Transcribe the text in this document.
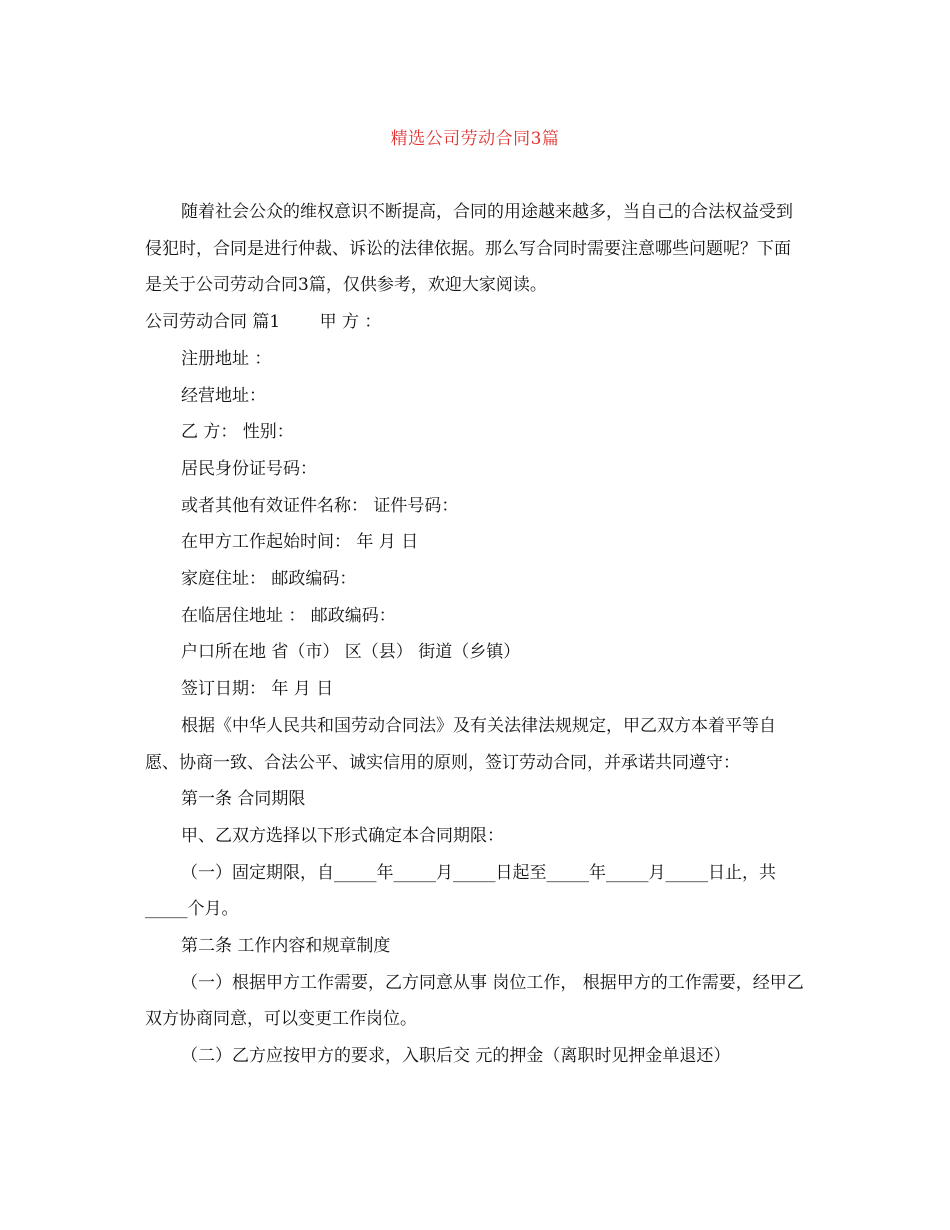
精选公司劳动合同3篇

随着社会公众的维权意识不断提高，合同的用途越来越多，当自己的合法权益受到侵犯时，合同是进行仲裁、诉讼的法律依据。那么写合同时需要注意哪些问题呢？下面是关于公司劳动合同3篇，仅供参考，欢迎大家阅读。

公司劳动合同 篇1　　 甲 方 ：

注册地址 ：

经营地址：

乙 方： 性别：

居民身份证号码：

或者其他有效证件名称： 证件号码：

在甲方工作起始时间： 年 月 日

家庭住址： 邮政编码：

在临居住地址 ： 邮政编码：

户口所在地 省（市） 区（县） 街道（乡镇）

签订日期： 年 月 日

根据《中华人民共和国劳动合同法》及有关法律法规规定，甲乙双方本着平等自愿、协商一致、合法公平、诚实信用的原则，签订劳动合同，并承诺共同遵守：

第一条 合同期限

甲、乙双方选择以下形式确定本合同期限：

（一）固定期限，自_____年_____月_____日起至_____年_____月_____日止，共_____个月。

第二条 工作内容和规章制度

（一）根据甲方工作需要，乙方同意从事 岗位工作， 根据甲方的工作需要，经甲乙双方协商同意，可以变更工作岗位。

（二）乙方应按甲方的要求，入职后交 元的押金（离职时见押金单退还）
